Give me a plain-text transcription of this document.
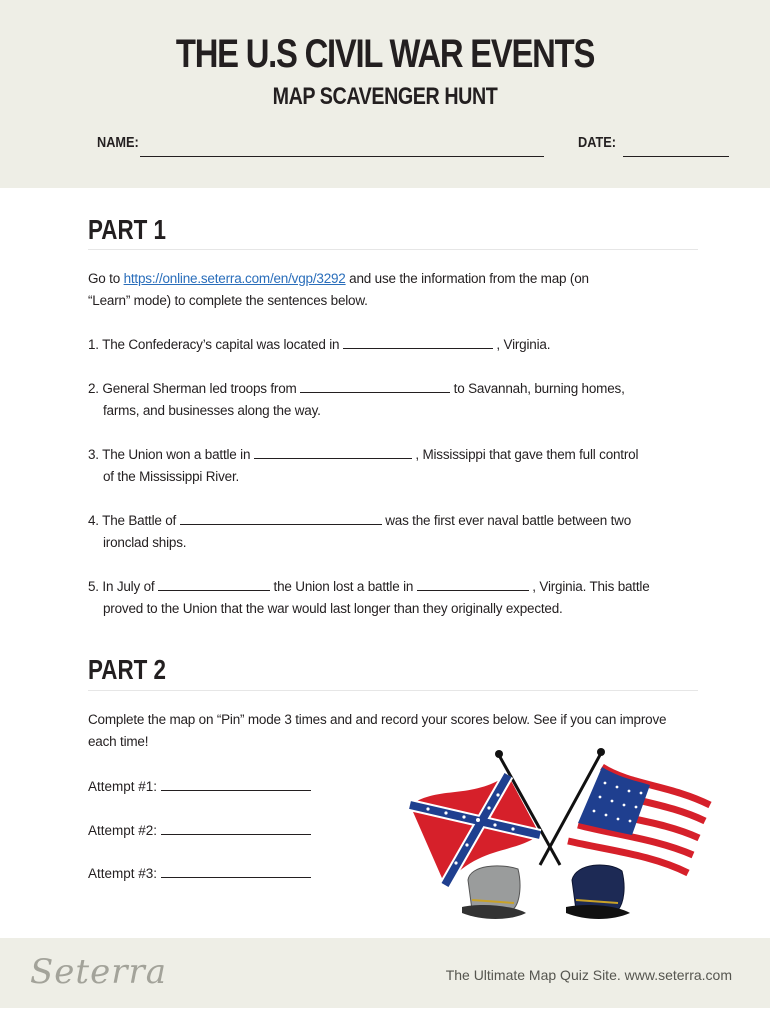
THE U.S CIVIL WAR EVENTS
MAP SCAVENGER HUNT
NAME:	DATE:
PART 1
Go to https://online.seterra.com/en/vgp/3292 and use the information from the map (on
“Learn” mode) to complete the sentences below.
1. The Confederacy’s capital was located in	, Virginia.
2. General Sherman led troops from	to Savannah, burning homes,
farms, and businesses along the way.
3. The Union won a battle in	, Mississippi that gave them full control
of the Mississippi River.
4. The Battle of	was the first ever naval battle between two
ironclad ships.
5. In July of	the Union lost a battle in	, Virginia. This battle
proved to the Union that the war would last longer than they originally expected.
PART 2
Complete the map on “Pin” mode 3 times and and record your scores below. See if you can improve
each time!
Attempt #1:
Attempt #2:
Attempt #3:
Seterra	The Ultimate Map Quiz Site. www.seterra.com
